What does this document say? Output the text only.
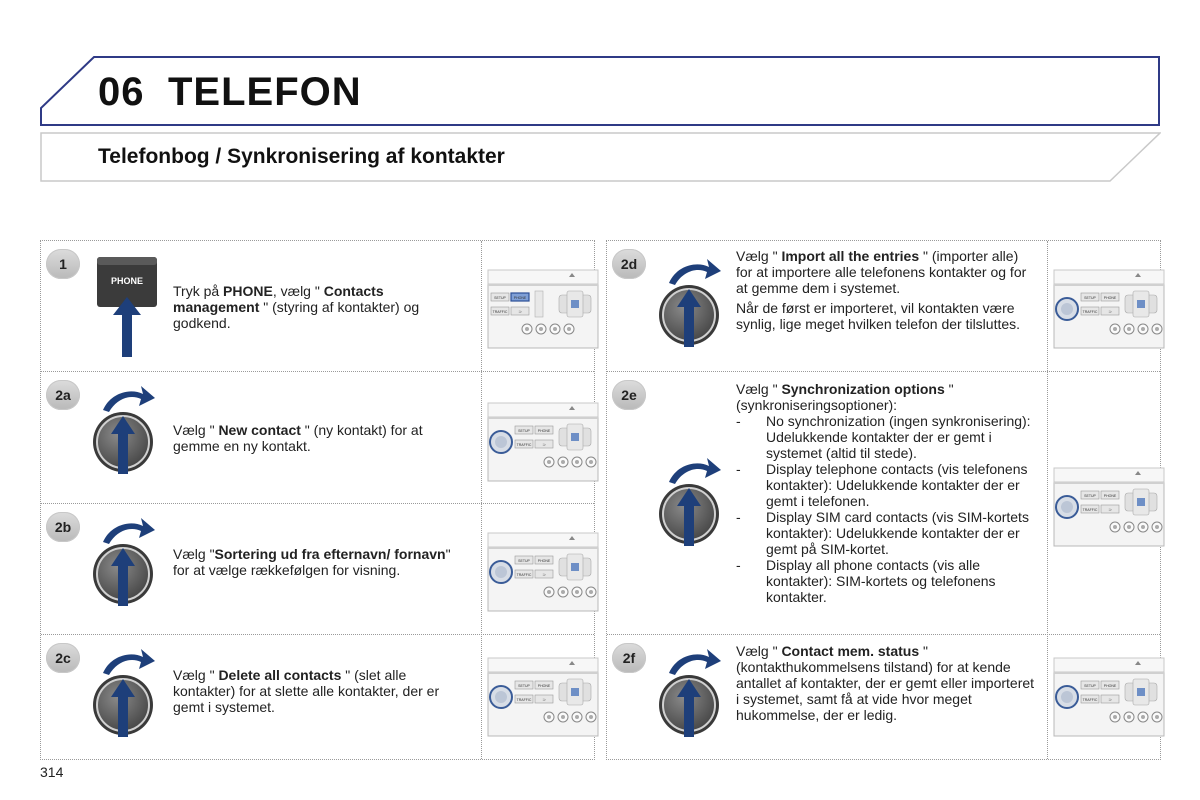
06 TELEFON
Telefonbog / Synkronisering af kontakter
1
PHONE
Tryk på PHONE, vælg " Contacts management " (styring af kontakter) og godkend.
SETUP PHONE
TRAFFIC	⊃
2a
Vælg " New contact " (ny kontakt) for at gemme en ny kontakt.
SETUP PHONE
TRAFFIC	⊃
2b
Vælg "Sortering ud fra efternavn/ fornavn" for at vælge rækkefølgen for visning.
SETUP PHONE
TRAFFIC	⊃
2c
Vælg " Delete all contacts " (slet alle kontakter) for at slette alle kontakter, der er gemt i systemet.
SETUP PHONE
TRAFFIC	⊃
2d	Vælg " Import all the entries " (importer alle) for at importere alle telefonens kontakter og for at gemme dem i systemet.
Når de først er importeret, vil kontakten være synlig, lige meget hvilken telefon der tilsluttes.
SETUP PHONE
TRAFFIC	⊃
2e	Vælg " Synchronization options " (synkroniseringsoptioner):
- No synchronization (ingen synkronisering): Udelukkende kontakter der er gemt i systemet (altid til stede).
- Display telephone contacts (vis telefonens kontakter): Udelukkende kontakter der er gemt i telefonen.
- Display SIM card contacts (vis SIM-kortets kontakter): Udelukkende kontakter der er gemt på SIM-kortet.
- Display all phone contacts (vis alle kontakter): SIM-kortets og telefonens kontakter.
SETUP PHONE
TRAFFIC	⊃
2f	Vælg " Contact mem. status " (kontakthukommelsens tilstand) for at kende antallet af kontakter, der er gemt eller importeret i systemet, samt få at vide hvor meget hukommelse, der er ledig.
SETUP PHONE
TRAFFIC	⊃
314
